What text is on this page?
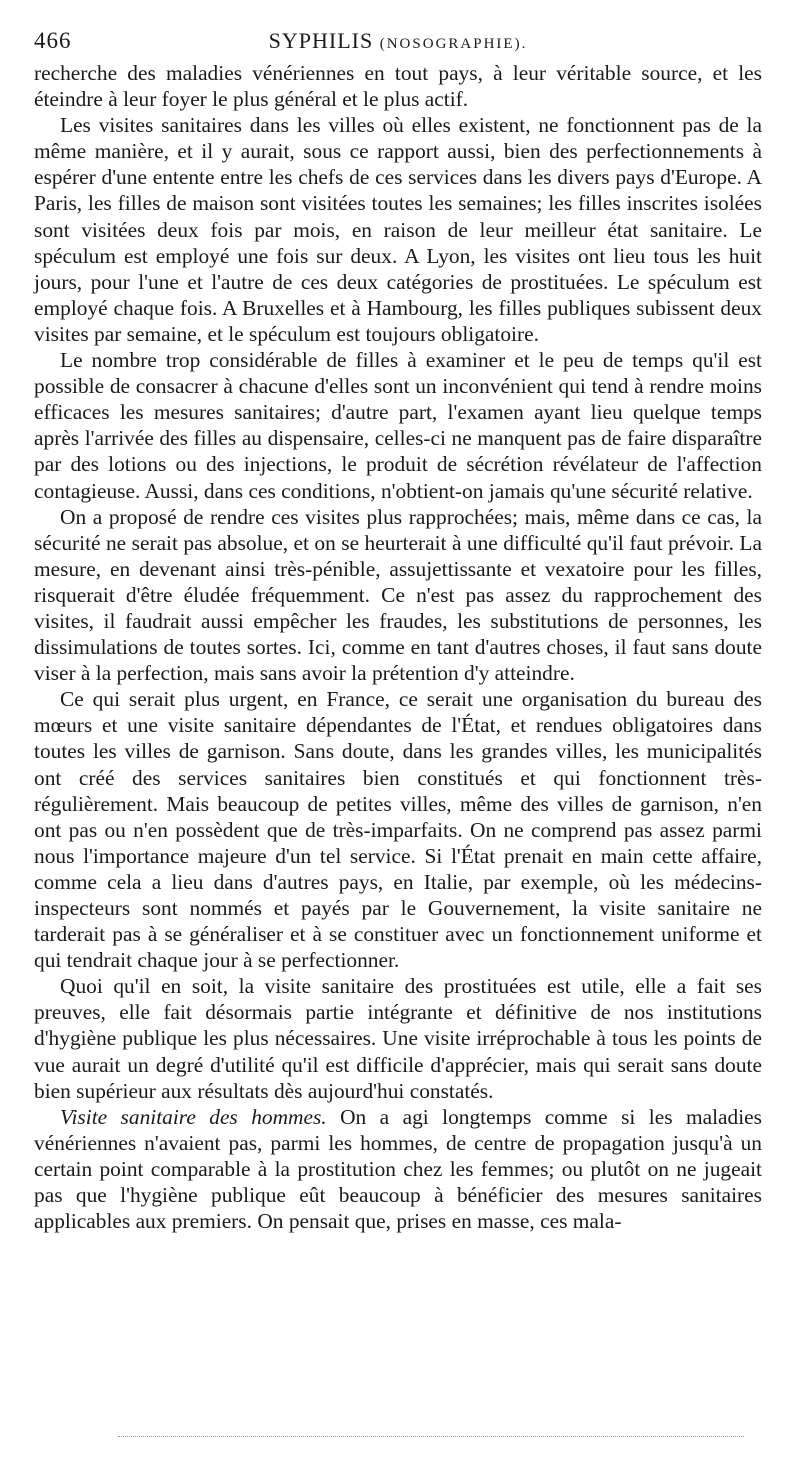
466	SYPHILIS (NOSOGRAPHIE).

recherche des maladies vénériennes en tout pays, à leur véritable source, et les éteindre à leur foyer le plus général et le plus actif.

Les visites sanitaires dans les villes où elles existent, ne fonctionnent pas de la même manière, et il y aurait, sous ce rapport aussi, bien des perfectionnements à espérer d'une entente entre les chefs de ces services dans les divers pays d'Europe. A Paris, les filles de maison sont visitées toutes les semaines; les filles inscrites isolées sont visitées deux fois par mois, en raison de leur meilleur état sanitaire. Le spéculum est employé une fois sur deux. A Lyon, les visites ont lieu tous les huit jours, pour l'une et l'autre de ces deux catégories de prostituées. Le spéculum est employé chaque fois. A Bruxelles et à Hambourg, les filles publiques subissent deux visites par semaine, et le spéculum est toujours obligatoire.

Le nombre trop considérable de filles à examiner et le peu de temps qu'il est possible de consacrer à chacune d'elles sont un inconvénient qui tend à rendre moins efficaces les mesures sanitaires; d'autre part, l'examen ayant lieu quelque temps après l'arrivée des filles au dispensaire, celles-ci ne manquent pas de faire disparaître par des lotions ou des injections, le produit de sécrétion révélateur de l'affection contagieuse. Aussi, dans ces conditions, n'obtient-on jamais qu'une sécurité relative.

On a proposé de rendre ces visites plus rapprochées; mais, même dans ce cas, la sécurité ne serait pas absolue, et on se heurterait à une difficulté qu'il faut prévoir. La mesure, en devenant ainsi très-pénible, assujettissante et vexatoire pour les filles, risquerait d'être éludée fréquemment. Ce n'est pas assez du rapprochement des visites, il faudrait aussi empêcher les fraudes, les substitutions de personnes, les dissimulations de toutes sortes. Ici, comme en tant d'autres choses, il faut sans doute viser à la perfection, mais sans avoir la prétention d'y atteindre.

Ce qui serait plus urgent, en France, ce serait une organisation du bureau des mœurs et une visite sanitaire dépendantes de l'État, et rendues obligatoires dans toutes les villes de garnison. Sans doute, dans les grandes villes, les municipalités ont créé des services sanitaires bien constitués et qui fonctionnent très-régulièrement. Mais beaucoup de petites villes, même des villes de garnison, n'en ont pas ou n'en possèdent que de très-imparfaits. On ne comprend pas assez parmi nous l'importance majeure d'un tel service. Si l'État prenait en main cette affaire, comme cela a lieu dans d'autres pays, en Italie, par exemple, où les médecins-inspecteurs sont nommés et payés par le Gouvernement, la visite sanitaire ne tarderait pas à se généraliser et à se constituer avec un fonctionnement uniforme et qui tendrait chaque jour à se perfectionner.

Quoi qu'il en soit, la visite sanitaire des prostituées est utile, elle a fait ses preuves, elle fait désormais partie intégrante et définitive de nos institutions d'hygiène publique les plus nécessaires. Une visite irréprochable à tous les points de vue aurait un degré d'utilité qu'il est difficile d'apprécier, mais qui serait sans doute bien supérieur aux résultats dès aujourd'hui constatés.

Visite sanitaire des hommes. On a agi longtemps comme si les maladies vénériennes n'avaient pas, parmi les hommes, de centre de propagation jusqu'à un certain point comparable à la prostitution chez les femmes; ou plutôt on ne jugeait pas que l'hygiène publique eût beaucoup à bénéficier des mesures sanitaires applicables aux premiers. On pensait que, prises en masse, ces mala-
